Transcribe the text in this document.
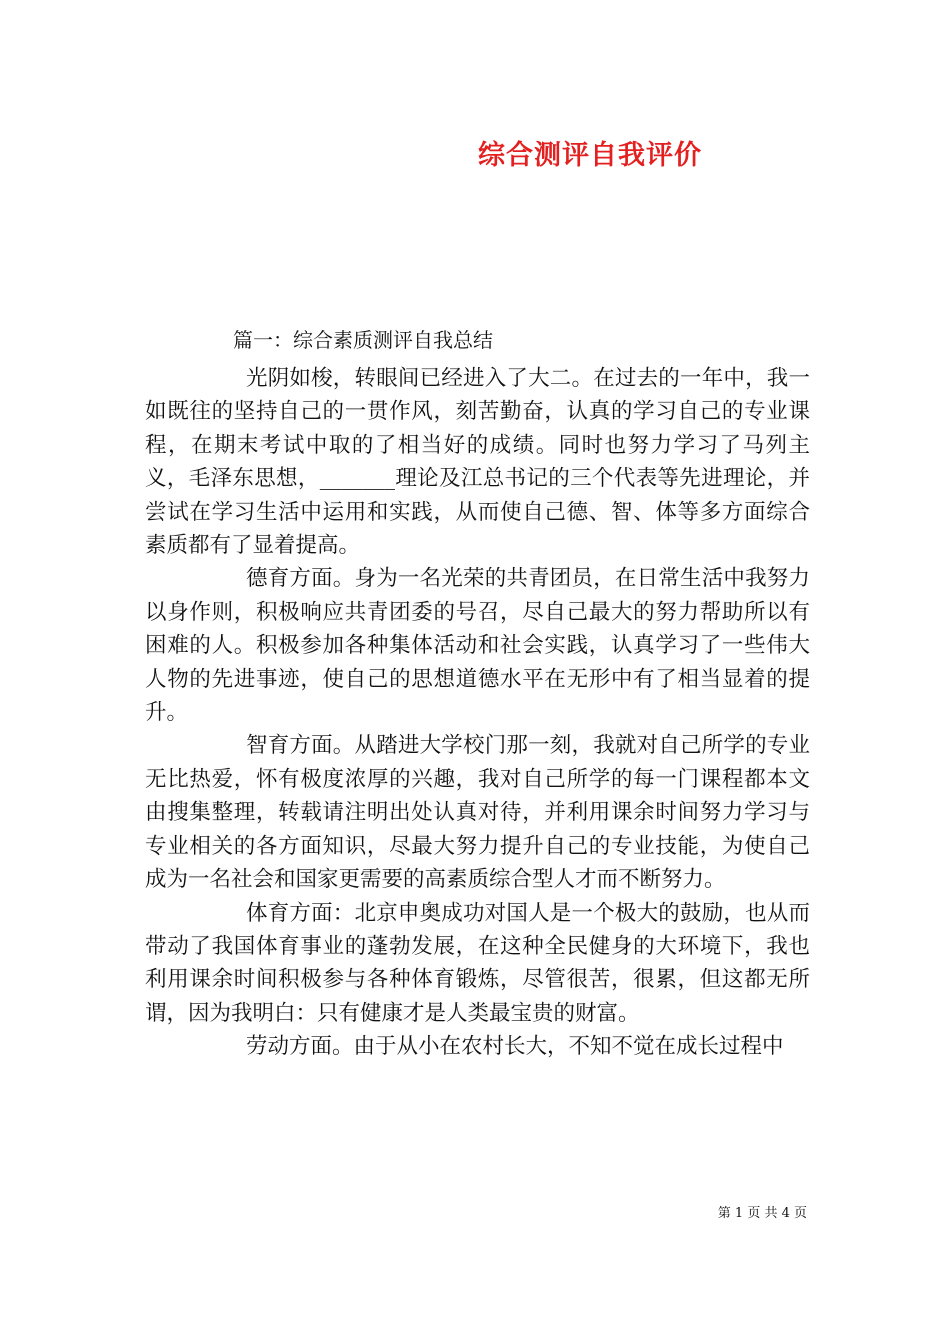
综合测评自我评价
篇一：综合素质测评自我总结

光阴如梭，转眼间已经进入了大二。在过去的一年中，我一如既往的坚持自己的一贯作风，刻苦勤奋，认真的学习自己的专业课程，在期末考试中取的了相当好的成绩。同时也努力学习了马列主义，毛泽东思想，_______理论及江总书记的三个代表等先进理论，并尝试在学习生活中运用和实践，从而使自己德、智、体等多方面综合素质都有了显着提高。

德育方面。身为一名光荣的共青团员，在日常生活中我努力以身作则，积极响应共青团委的号召，尽自己最大的努力帮助所以有困难的人。积极参加各种集体活动和社会实践，认真学习了一些伟大人物的先进事迹，使自己的思想道德水平在无形中有了相当显着的提升。

智育方面。从踏进大学校门那一刻，我就对自己所学的专业无比热爱，怀有极度浓厚的兴趣，我对自己所学的每一门课程都本文由搜集整理，转载请注明出处认真对待，并利用课余时间努力学习与专业相关的各方面知识，尽最大努力提升自己的专业技能，为使自己成为一名社会和国家更需要的高素质综合型人才而不断努力。

体育方面：北京申奥成功对国人是一个极大的鼓励，也从而带动了我国体育事业的蓬勃发展，在这种全民健身的大环境下，我也利用课余时间积极参与各种体育锻炼，尽管很苦，很累，但这都无所谓，因为我明白：只有健康才是人类最宝贵的财富。

劳动方面。由于从小在农村长大，不知不觉在成长过程中

第 1 页 共 4 页
